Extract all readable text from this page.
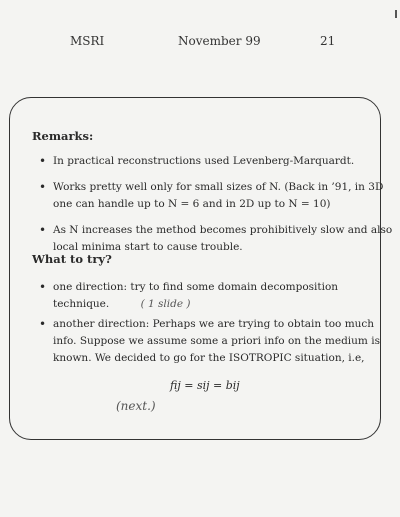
MSRI	November 99	21
Remarks:
• In practical reconstructions used Levenberg-Marquardt.
• Works pretty well only for small sizes of N. (Back in ’91, in 3D
one can handle up to N = 6 and in 2D up to N = 10)
• As N increases the method becomes prohibitively slow and also
local minima start to cause trouble.
What to try?
• one direction: try to find some domain decomposition
technique.	( 1 slide )
• another direction: Perhaps we are trying to obtain too much
info. Suppose we assume some a priori info on the medium is
known. We decided to go for the ISOTROPIC situation, i.e,
fij = sij = bij
(next.)
